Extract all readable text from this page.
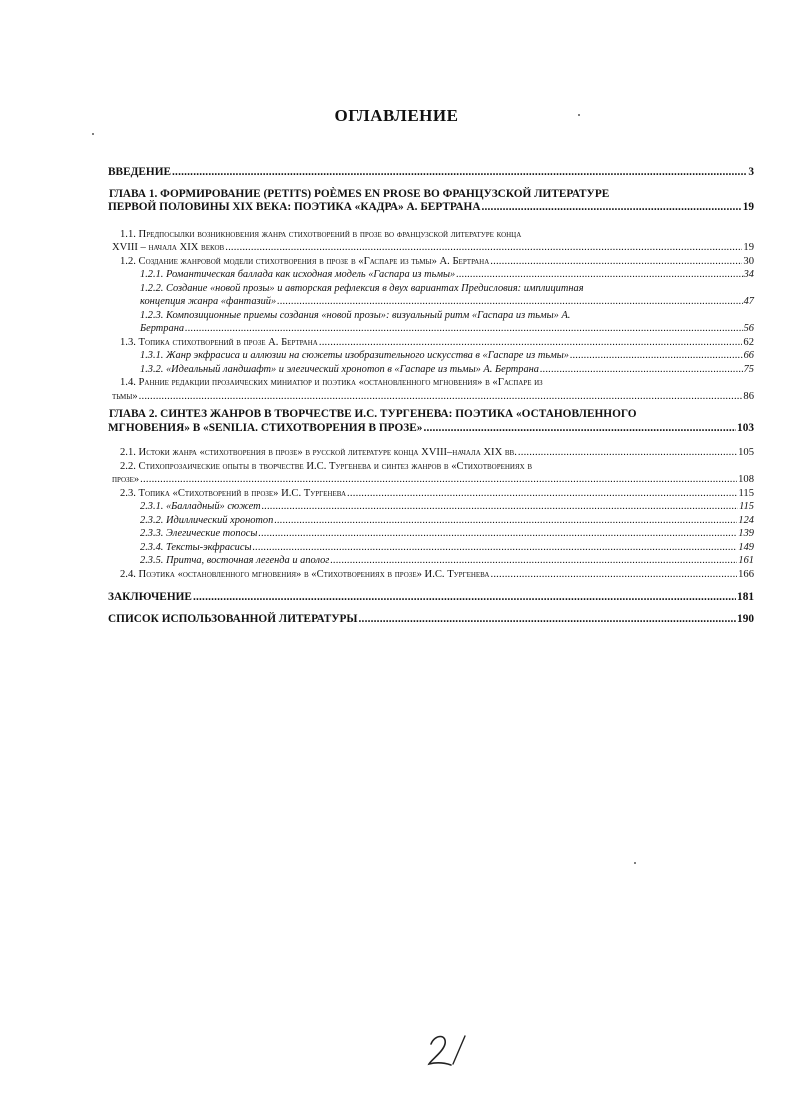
ОГЛАВЛЕНИЕ
ВВЕДЕНИЕ .....	3
ГЛАВА 1. ФОРМИРОВАНИЕ (PETITS) POÈMES EN PROSE ВО ФРАНЦУЗСКОЙ ЛИТЕРАТУРЕ
ПЕРВОЙ ПОЛОВИНЫ XIX ВЕКА: ПОЭТИКА «КАДРА» А. БЕРТРАНА .....	19
1.1. Предпосылки возникновения жанра стихотворений в прозе во французской литературе конца
XVIII – начала XIX веков .....	19
1.2. Создание жанровой модели стихотворения в прозе в «Гаспаре из тьмы» А. Бертрана .....	30
1.2.1. Романтическая баллада как исходная модель «Гаспара из тьмы» .....	34
1.2.2. Создание «новой прозы» и авторская рефлексия в двух вариантах Предисловия: имплицитная
концепция жанра «фантазий» .....	47
1.2.3. Композиционные приемы создания «новой прозы»: визуальный ритм «Гаспара из тьмы» А.
Бертрана .....	56
1.3. Топика стихотворений в прозе А. Бертрана .....	62
1.3.1. Жанр экфрасиса и аллюзии на сюжеты изобразительного искусства в «Гаспаре из тьмы» .....	66
1.3.2. «Идеальный ландшафт» и элегический хронотоп в «Гаспаре из тьмы» А. Бертрана .....	75
1.4. Ранние редакции прозаических миниатюр и поэтика «остановленного мгновения» в «Гаспаре из
тьмы» .....	86
ГЛАВА 2. СИНТЕЗ ЖАНРОВ В ТВОРЧЕСТВЕ И.С. ТУРГЕНЕВА: ПОЭТИКА «ОСТАНОВЛЕННОГО
МГНОВЕНИЯ» В «SENILIA. СТИХОТВОРЕНИЯ В ПРОЗЕ» .....	103
2.1. Истоки жанра «стихотворения в прозе» в русской литературе конца XVIII–начала XIX вв. .....	105
2.2. Стихопрозаические опыты в творчестве И.С. Тургенева и синтез жанров в «Стихотворениях в
прозе» .....	108
2.3. Топика «Стихотворений в прозе» И.С. Тургенева .....	115
2.3.1. «Балладный» сюжет .....	115
2.3.2. Идиллический хронотоп .....	124
2.3.3. Элегические топосы .....	139
2.3.4. Тексты-экфрасисы .....	149
2.3.5. Притча, восточная легенда и аполог .....	161
2.4. Поэтика «остановленного мгновения» в «Стихотворениях в прозе» И.С. Тургенева .....	166
ЗАКЛЮЧЕНИЕ .....	181
СПИСОК ИСПОЛЬЗОВАННОЙ ЛИТЕРАТУРЫ .....	190
